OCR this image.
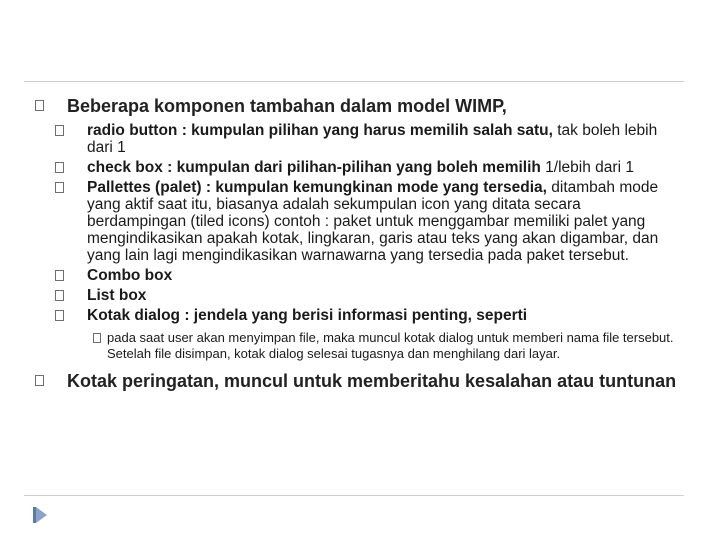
Beberapa komponen tambahan dalam model WIMP,
radio button : kumpulan pilihan yang harus memilih salah satu, tak boleh lebih dari 1
check box : kumpulan dari pilihan-pilihan yang boleh memilih 1/lebih dari 1
Pallettes (palet) : kumpulan kemungkinan mode yang tersedia, ditambah mode yang aktif saat itu, biasanya adalah sekumpulan icon yang ditata secara berdampingan (tiled icons) contoh : paket untuk menggambar memiliki palet yang mengindikasikan apakah kotak, lingkaran, garis atau teks yang akan digambar, dan yang lain lagi mengindikasikan warnawarna yang tersedia pada paket tersebut.
Combo box
List box
Kotak dialog : jendela yang berisi informasi penting, seperti
pada saat user akan menyimpan file, maka muncul kotak dialog untuk memberi nama file tersebut. Setelah file disimpan, kotak dialog selesai tugasnya dan menghilang dari layar.
Kotak peringatan, muncul untuk memberitahu kesalahan atau tuntunan
